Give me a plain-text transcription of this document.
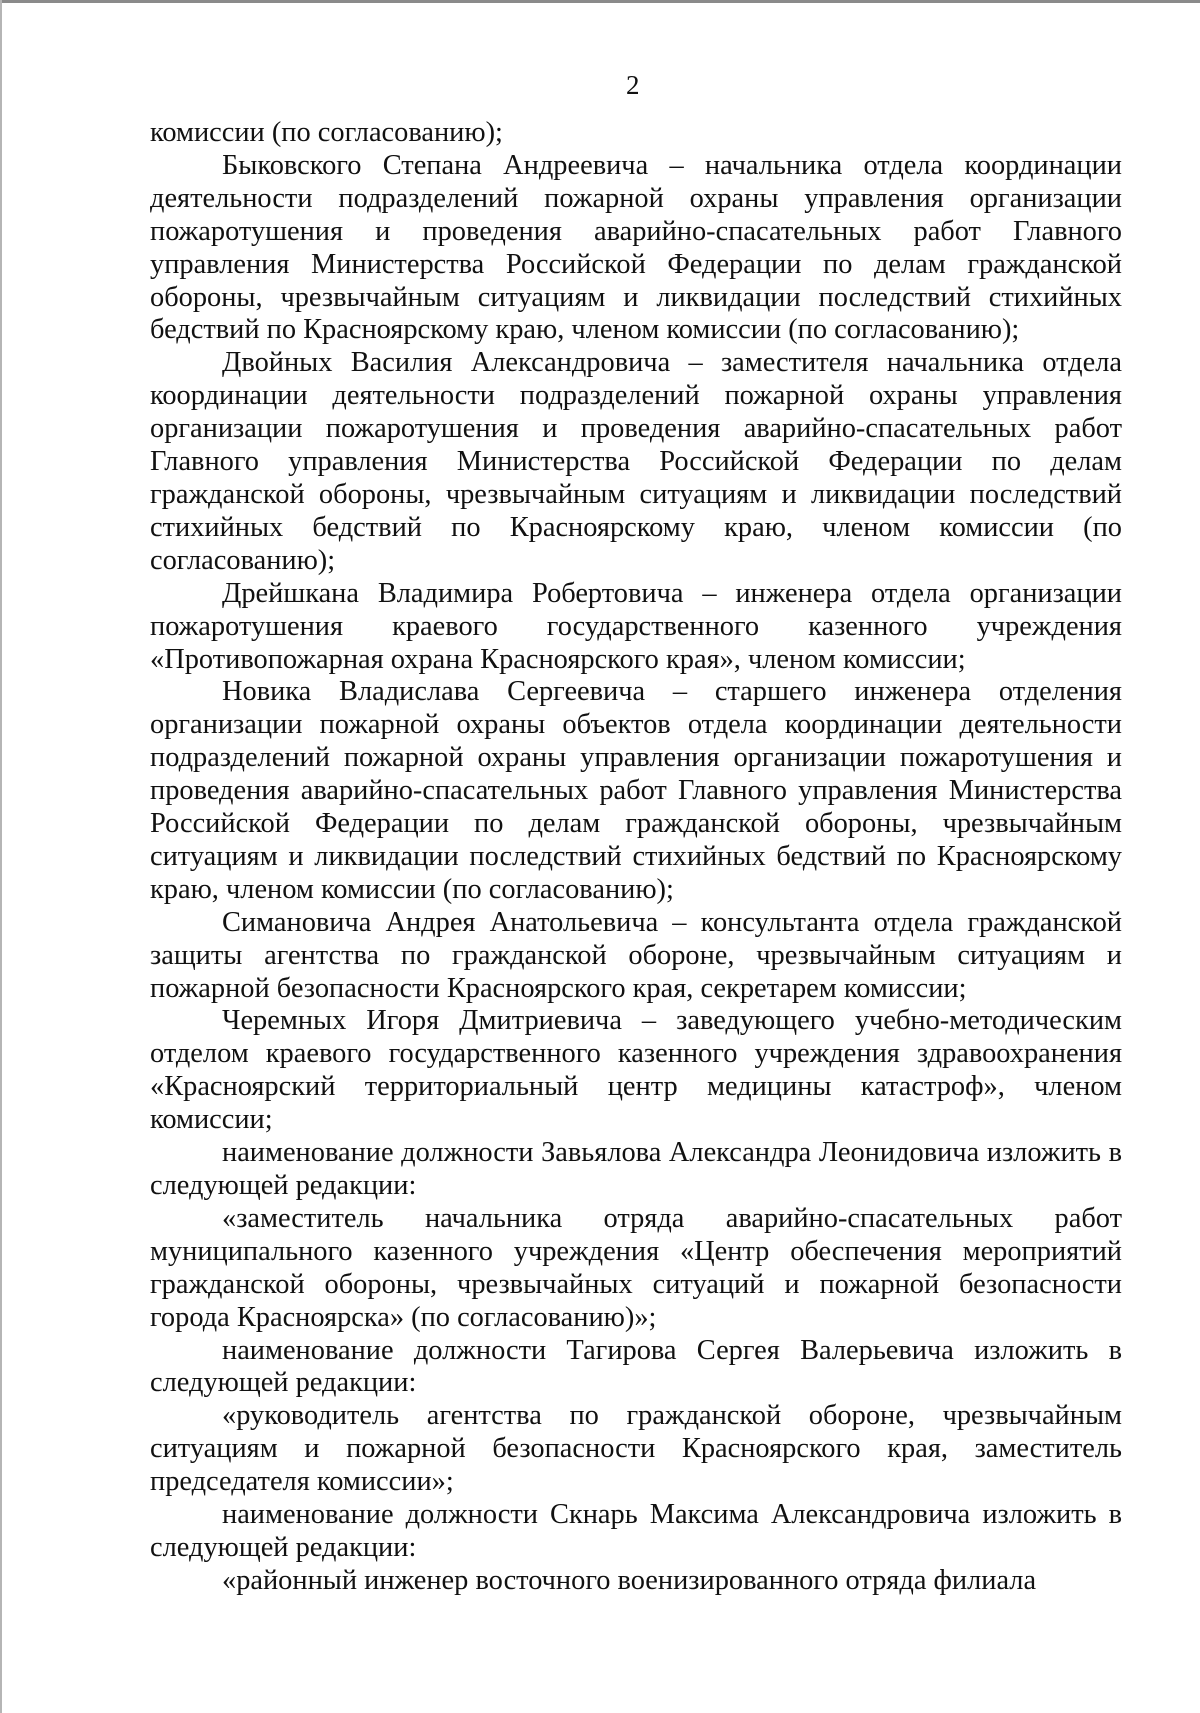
2

комиссии (по согласованию);

Быковского Степана Андреевича – начальника отдела координации деятельности подразделений пожарной охраны управления организации пожаротушения и проведения аварийно-спасательных работ Главного управления Министерства Российской Федерации по делам гражданской обороны, чрезвычайным ситуациям и ликвидации последствий стихийных бедствий по Красноярскому краю, членом комиссии (по согласованию);

Двойных Василия Александровича – заместителя начальника отдела координации деятельности подразделений пожарной охраны управления организации пожаротушения и проведения аварийно-спасательных работ Главного управления Министерства Российской Федерации по делам гражданской обороны, чрезвычайным ситуациям и ликвидации последствий стихийных бедствий по Красноярскому краю, членом комиссии (по согласованию);

Дрейшкана Владимира Робертовича – инженера отдела организации пожаротушения краевого государственного казенного учреждения «Противопожарная охрана Красноярского края», членом комиссии;

Новика Владислава Сергеевича – старшего инженера отделения организации пожарной охраны объектов отдела координации деятельности подразделений пожарной охраны управления организации пожаротушения и проведения аварийно-спасательных работ Главного управления Министерства Российской Федерации по делам гражданской обороны, чрезвычайным ситуациям и ликвидации последствий стихийных бедствий по Красноярскому краю, членом комиссии (по согласованию);

Симановича Андрея Анатольевича – консультанта отдела гражданской защиты агентства по гражданской обороне, чрезвычайным ситуациям и пожарной безопасности Красноярского края, секретарем комиссии;

Черемных Игоря Дмитриевича – заведующего учебно-методическим отделом краевого государственного казенного учреждения здравоохранения «Красноярский территориальный центр медицины катастроф», членом комиссии;

наименование должности Завьялова Александра Леонидовича изложить в следующей редакции:

«заместитель начальника отряда аварийно-спасательных работ муниципального казенного учреждения «Центр обеспечения мероприятий гражданской обороны, чрезвычайных ситуаций и пожарной безопасности города Красноярска» (по согласованию)»;

наименование должности Тагирова Сергея Валерьевича изложить в следующей редакции:

«руководитель агентства по гражданской обороне, чрезвычайным ситуациям и пожарной безопасности Красноярского края, заместитель председателя комиссии»;

наименование должности Скнарь Максима Александровича изложить в следующей редакции:

«районный инженер восточного военизированного отряда филиала
